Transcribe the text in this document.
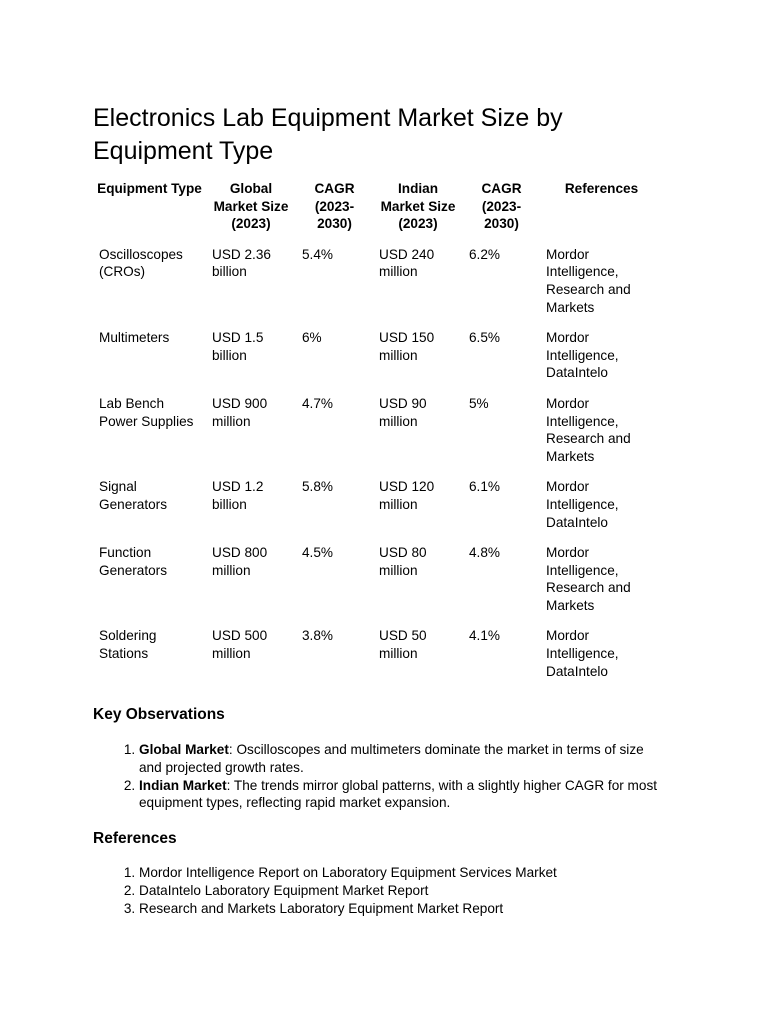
Electronics Lab Equipment Market Size by Equipment Type
Equipment Type	Global Market Size (2023)	CAGR (2023-2030)	Indian Market Size (2023)	CAGR (2023-2030)	References
Oscilloscopes (CROs)	USD 2.36 billion	5.4%	USD 240 million	6.2%	Mordor Intelligence, Research and Markets
Multimeters	USD 1.5 billion	6%	USD 150 million	6.5%	Mordor Intelligence, DataIntelo
Lab Bench Power Supplies	USD 900 million	4.7%	USD 90 million	5%	Mordor Intelligence, Research and Markets
Signal Generators	USD 1.2 billion	5.8%	USD 120 million	6.1%	Mordor Intelligence, DataIntelo
Function Generators	USD 800 million	4.5%	USD 80 million	4.8%	Mordor Intelligence, Research and Markets
Soldering Stations	USD 500 million	3.8%	USD 50 million	4.1%	Mordor Intelligence, DataIntelo
Key Observations
1. Global Market: Oscilloscopes and multimeters dominate the market in terms of size and projected growth rates.
2. Indian Market: The trends mirror global patterns, with a slightly higher CAGR for most equipment types, reflecting rapid market expansion.
References
1. Mordor Intelligence Report on Laboratory Equipment Services Market
2. DataIntelo Laboratory Equipment Market Report
3. Research and Markets Laboratory Equipment Market Report
